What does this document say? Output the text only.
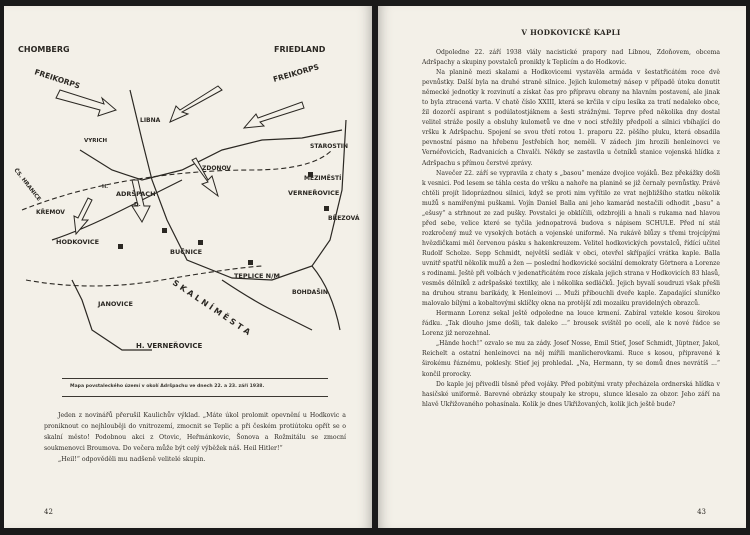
CHOMBERG	FRIEDLAND
FREIKORPS	FREIKORPS
LIBNA
VYRICH
ZDONOV
STAROSTIN
MEZIMĚSTÍ
VERNEŘOVICE
BŘEZOVÁ
H.
ADRŠPACH
D.
KŘEMOV
HODKOVICE
BUČNICE
TEPLICE N/M
BOHDAŠIN
JANOVICE	S K A L N Í M Ě S T A
H. VERNEŘOVICE
ČS. HRANICE
Mapa povstaleckého území v okolí Adršpachu ve dnech 22. a 23. září 1938.

Jeden z novinářů přerušil Kaulichův výklad. „Máte úkol prolomit opevnění u Hodkovic a proniknout co nejhlouběji do vnitrozemí, zmocnit se Teplic a při českém protiútoku opřít se o skalní město! Podobnou akci z Otovic, Heřmánkovic, Šonova a Rožmitálu se zmocní soukmenovci Broumova. Do večera může být celý výběžek náš. Heil Hitler!“

„Heil!“ odpověděli mu nadšeně velitelé skupin.

42
V HODKOVICKÉ KAPLI

Odpoledne 22. září 1938 vlály nacistické prapory nad Libnou, Zdoňovem, obcema Adršpachy a skupiny povstalců pronikly k Teplicím a do Hodkovic.

Na planině mezi skalami a Hodkovicemi vystavěla armáda v šestatřicátém roce dvě pevnůstky. Další byla na druhé straně silnice. Jejich kulometný násep v případě útoku donutit německé jednotky k rozvinutí a získat čas pro přípravu obrany na hlavním postavení, ale jinak to byla ztracená varta. V chatě číslo XXIII, která se krčila v cípu lesíka za tratí nedaleko obce, žil dozorčí aspirant s podúlatostjáknem a šesti strážnými. Teprve před několika dny dostal velitel stráže posily a obsluhy kulometů ve dne v noci střežily předpolí a silnici vbíhající do vršku k Adršpachu. Spojení se svou třetí rotou 1. praporu 22. pěšího pluku, která obsadila pevnostní pásmo na hřebenu Jestřebích hor, neměli. V zádech jim hrozili henleinovci ve Vernéřovicích, Radvanicích a Chvalči. Někdy se zastavila u četníků stanice vojenská hlídka z Adršpachu s přímou čerstvé zprávy.

Navečer 22. září se vypravila z chaty s „basou“ menáze dvojice vojáků. Bez překážky došli k vesnici. Pod lesem se táhla cesta do vršku a nahoře na planině se již černaly pevnůstky. Právě chtěli projít lidoprázdnou silnici, když se proti nim vyřítilo ze vrat nejbližšího statku několik mužů s namířenými puškami. Vojín Daniel Balla ani jeho kamarád nestačili odhodit „basu“ a „ešusy“ a strhnout ze zad pušky. Povstalci je obklíčili, odzbrojili a hnali s rukama nad hlavou před sebe, velice které se tyčila jednopatrová budova s nápisem SCHULE. Před ní stál rozkročený muž ve vysokých botách a vojenské uniformě. Na rukávě blůzy s třemi trojcípými hvězdičkami měl červenou pásku s hakenkreuzem. Velitel hodkovických povstalců, řídící učitel Rudolf Scholze. Sepp Schmidt, největší sedlák v obci, otevřel skřípající vrátka kaple. Balla uvnitř spatřil několik mužů a žen — poslední hodkovické sociální demokraty Görtnera a Lorenze s rodinami. Ještě při volbách v jedenatřicátém roce získala jejich strana v Hodkovicích 83 hlasů, vesměs dělníků z adršpašské textilky, ale i několika sedláčků. Jejich byvalí soudruzi však přešli na druhou stranu barikády, k Henleinovi ... Muži přibouchli dveře kaple. Zapadající sluníčko malovalo bílými a kobaltovými sklíčky okna na protější zdi mozaiku pravidelných obrazců.

Hermann Lorenz sekal ještě odpoledne na louce krmení. Zabíral vztekle kosou širokou řádku. „Tak dlouho jsme došli, tak daleko ...“ brousek svištěl po ocelí, ale k nové řádce se Lorenz již nerozehnal.

„Hände hoch!“ ozvalo se mu za zády. Josef Nosse, Emil Stief, Josef Schmidt, Jüptner, Jakol, Reichelt a ostatní henleinovci na něj mířili manlicherovkami. Ruce s kosou, připravené k širokému řáznému, poklesly. Stief jej prohledal. „Na, Hermann, ty se domů dnes nevrátíš ...“ končil prorocky.

Do kaple jej přivedli těsně před vojáky. Před pobitými vraty přecházela ordnerská hlídka v hasičské uniformě. Barevné obrázky stoupaly ke stropu, slunce klesalo za obzor. Jeho září na hlavě Ukřižovaného pohasínala. Kolik je dnes Ukřižovaných, kolik jich ještě bude?

43
